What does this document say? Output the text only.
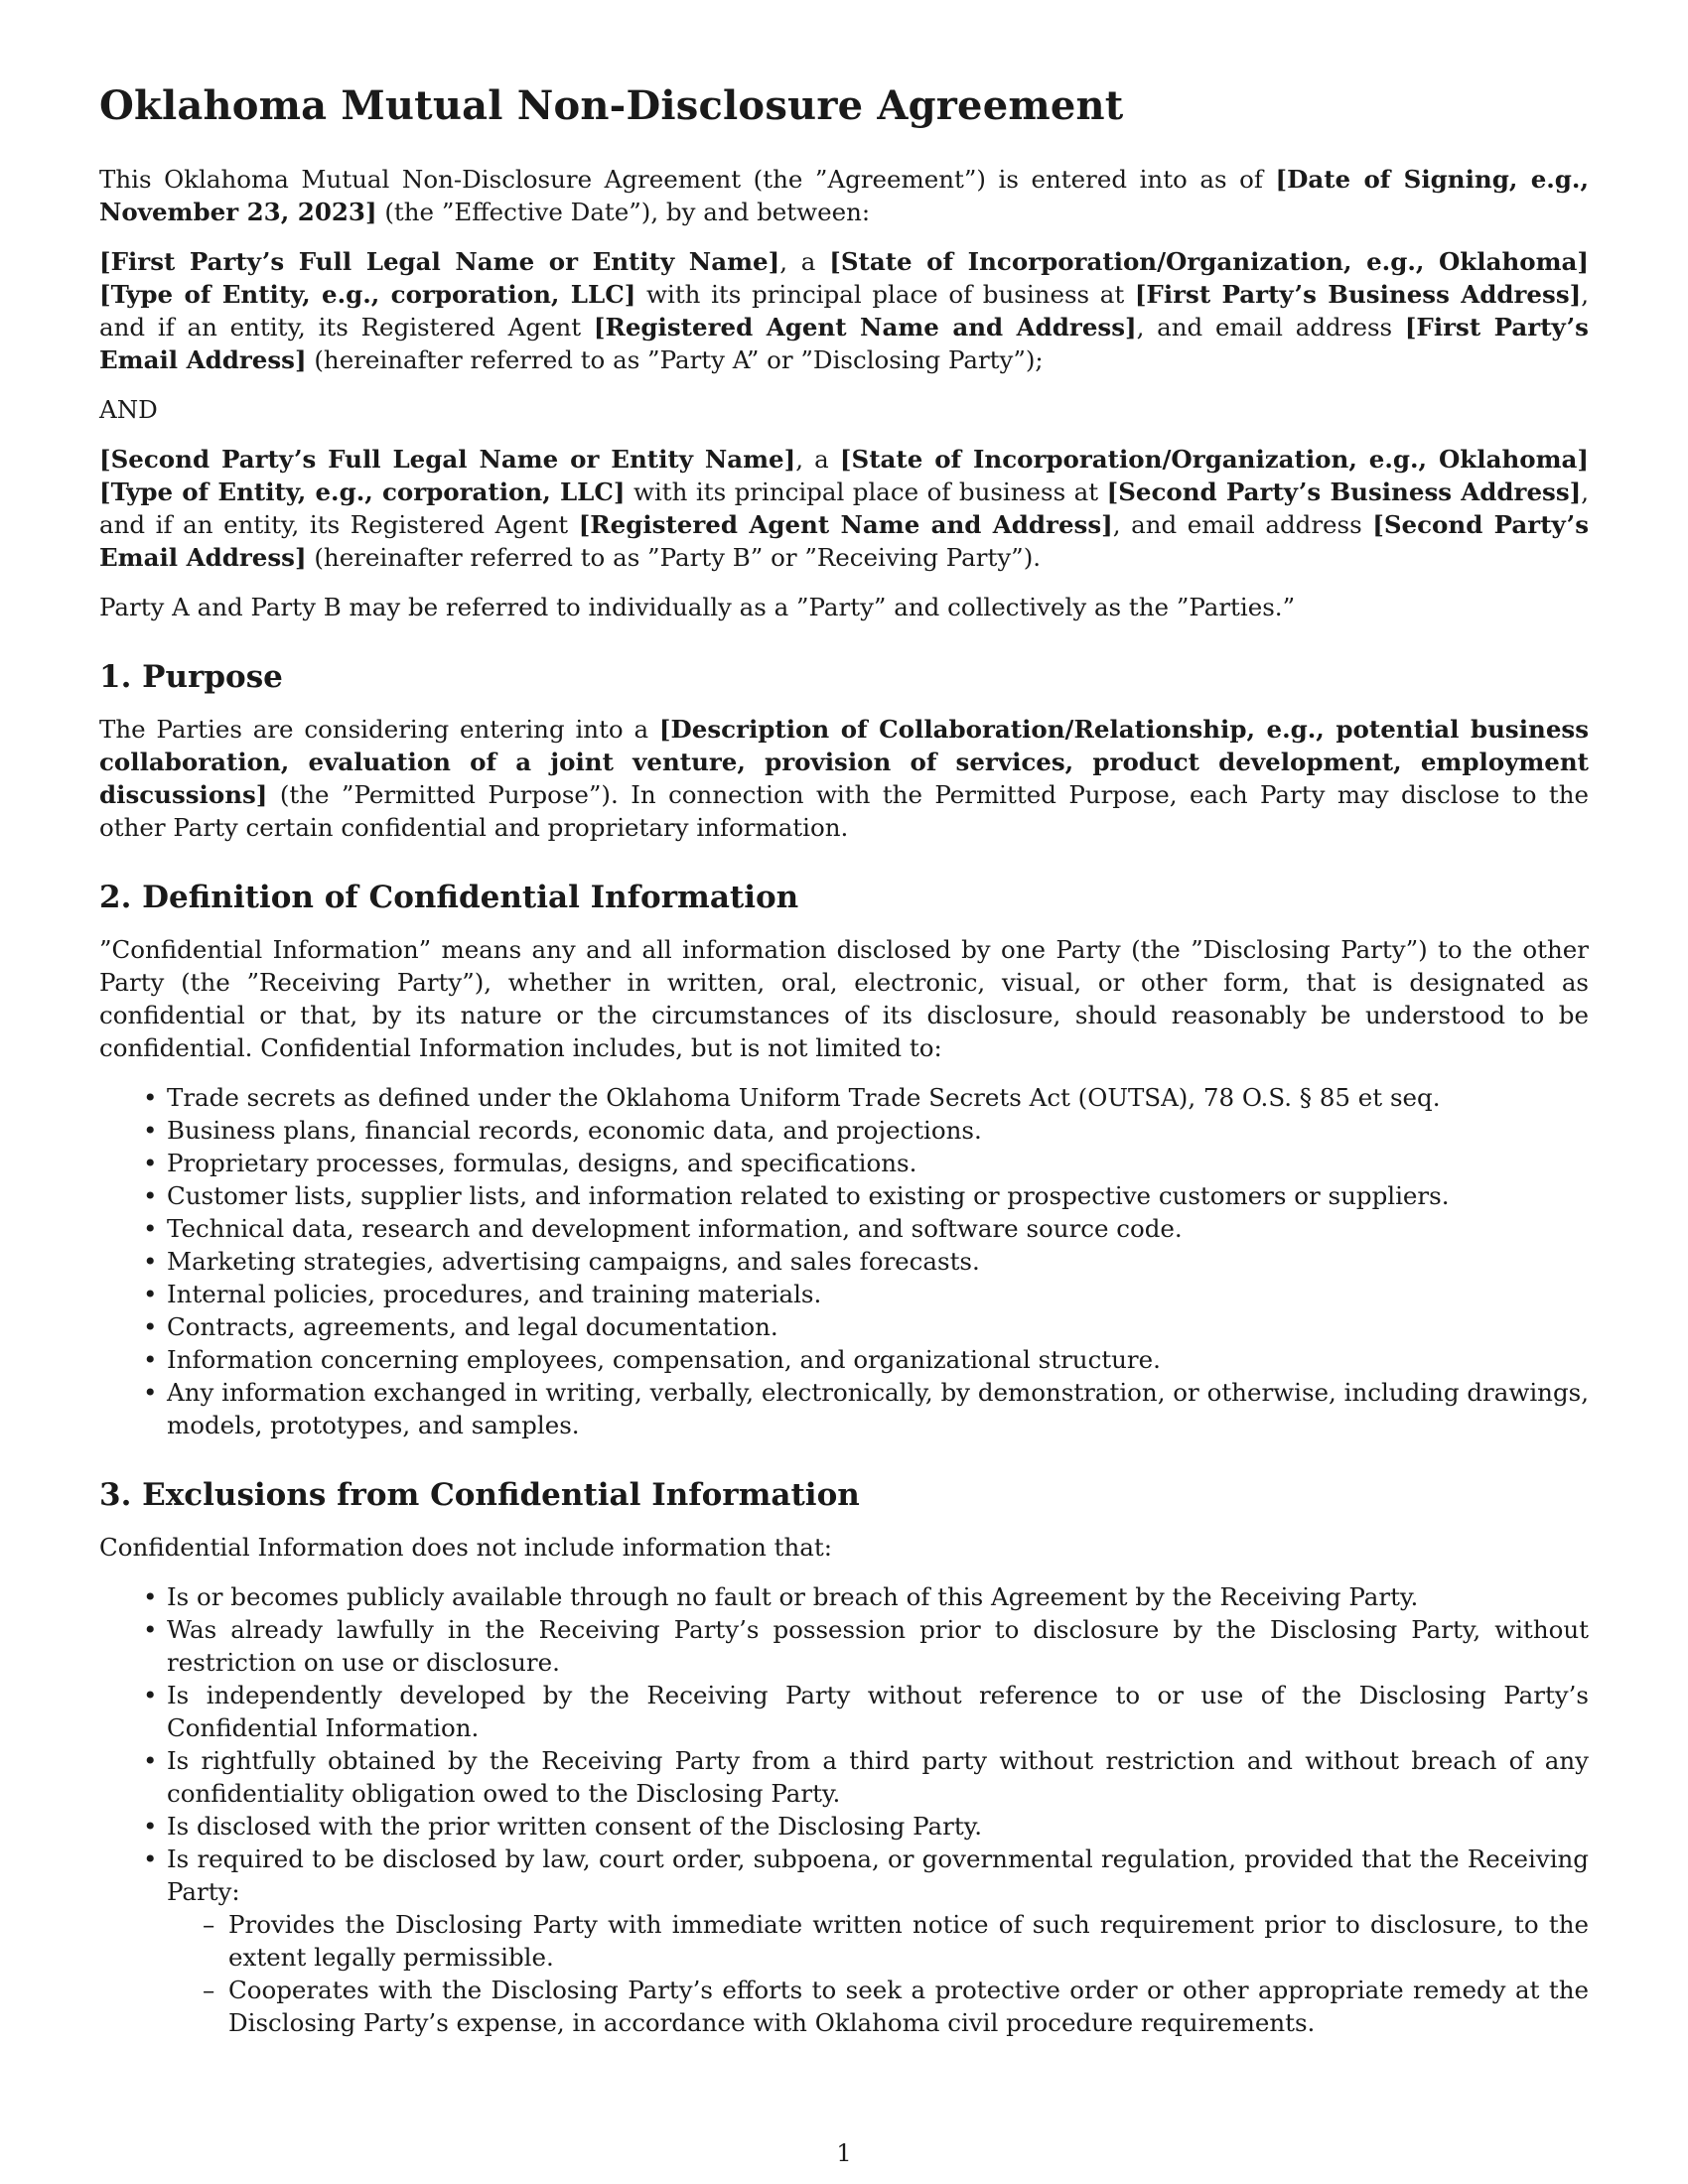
Oklahoma Mutual Non-Disclosure Agreement

This Oklahoma Mutual Non-Disclosure Agreement (the ”Agreement”) is entered into as of [Date of Signing, e.g., November 23, 2023] (the ”Effective Date”), by and between:

[First Party’s Full Legal Name or Entity Name], a [State of Incorporation/Organization, e.g., Oklahoma] [Type of Entity, e.g., corporation, LLC] with its principal place of business at [First Party’s Business Address], and if an entity, its Registered Agent [Registered Agent Name and Address], and email address [First Party’s Email Address] (hereinafter referred to as ”Party A” or ”Disclosing Party”);

AND

[Second Party’s Full Legal Name or Entity Name], a [State of Incorporation/Organization, e.g., Oklahoma] [Type of Entity, e.g., corporation, LLC] with its principal place of business at [Second Party’s Business Address], and if an entity, its Registered Agent [Registered Agent Name and Address], and email address [Second Party’s Email Address] (hereinafter referred to as ”Party B” or ”Receiving Party”).

Party A and Party B may be referred to individually as a ”Party” and collectively as the ”Parties.”

1. Purpose

The Parties are considering entering into a [Description of Collaboration/Relationship, e.g., potential business collaboration, evaluation of a joint venture, provision of services, product development, employment discussions] (the ”Permitted Purpose”). In connection with the Permitted Purpose, each Party may disclose to the other Party certain confidential and proprietary information.

2. Definition of Confidential Information

”Confidential Information” means any and all information disclosed by one Party (the ”Disclosing Party”) to the other Party (the ”Receiving Party”), whether in written, oral, electronic, visual, or other form, that is designated as confidential or that, by its nature or the circumstances of its disclosure, should reasonably be understood to be confidential. Confidential Information includes, but is not limited to:

• Trade secrets as defined under the Oklahoma Uniform Trade Secrets Act (OUTSA), 78 O.S. § 85 et seq.
• Business plans, financial records, economic data, and projections.
• Proprietary processes, formulas, designs, and specifications.
• Customer lists, supplier lists, and information related to existing or prospective customers or suppliers.
• Technical data, research and development information, and software source code.
• Marketing strategies, advertising campaigns, and sales forecasts.
• Internal policies, procedures, and training materials.
• Contracts, agreements, and legal documentation.
• Information concerning employees, compensation, and organizational structure.
• Any information exchanged in writing, verbally, electronically, by demonstration, or otherwise, including drawings, models, prototypes, and samples.
3. Exclusions from Confidential Information

Confidential Information does not include information that:

• Is or becomes publicly available through no fault or breach of this Agreement by the Receiving Party.
• Was already lawfully in the Receiving Party’s possession prior to disclosure by the Disclosing Party, without restriction on use or disclosure.
• Is independently developed by the Receiving Party without reference to or use of the Disclosing Party’s Confidential Information.
• Is rightfully obtained by the Receiving Party from a third party without restriction and without breach of any confidentiality obligation owed to the Disclosing Party.
• Is disclosed with the prior written consent of the Disclosing Party.
• Is required to be disclosed by law, court order, subpoena, or governmental regulation, provided that the Receiving Party:
– Provides the Disclosing Party with immediate written notice of such requirement prior to disclosure, to the extent legally permissible.
– Cooperates with the Disclosing Party’s efforts to seek a protective order or other appropriate remedy at the Disclosing Party’s expense, in accordance with Oklahoma civil procedure requirements.
1
